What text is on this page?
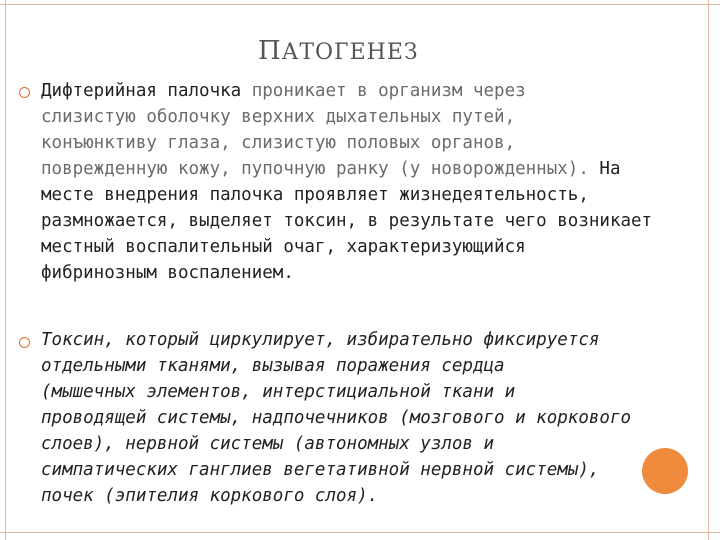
ПАТОГЕНЕЗ
Дифтерийная палочка проникает в организм через
слизистую оболочку верхних дыхательных путей,
конъюнктиву глаза, слизистую половых органов,
поврежденную кожу, пупочную ранку (у новорожденных). На
месте внедрения палочка проявляет жизнедеятельность,
размножается, выделяет токсин, в результате чего возникает
местный воспалительный очаг, характеризующийся
фибринозным воспалением.
Токсин, который циркулирует, избирательно фиксируется
отдельными тканями, вызывая поражения сердца
(мышечных элементов, интерстициальной ткани и
проводящей системы, надпочечников (мозгового и коркового
слоев), нервной системы (автономных узлов и
симпатических ганглиев вегетативной нервной системы),
почек (эпителия коркового слоя).
